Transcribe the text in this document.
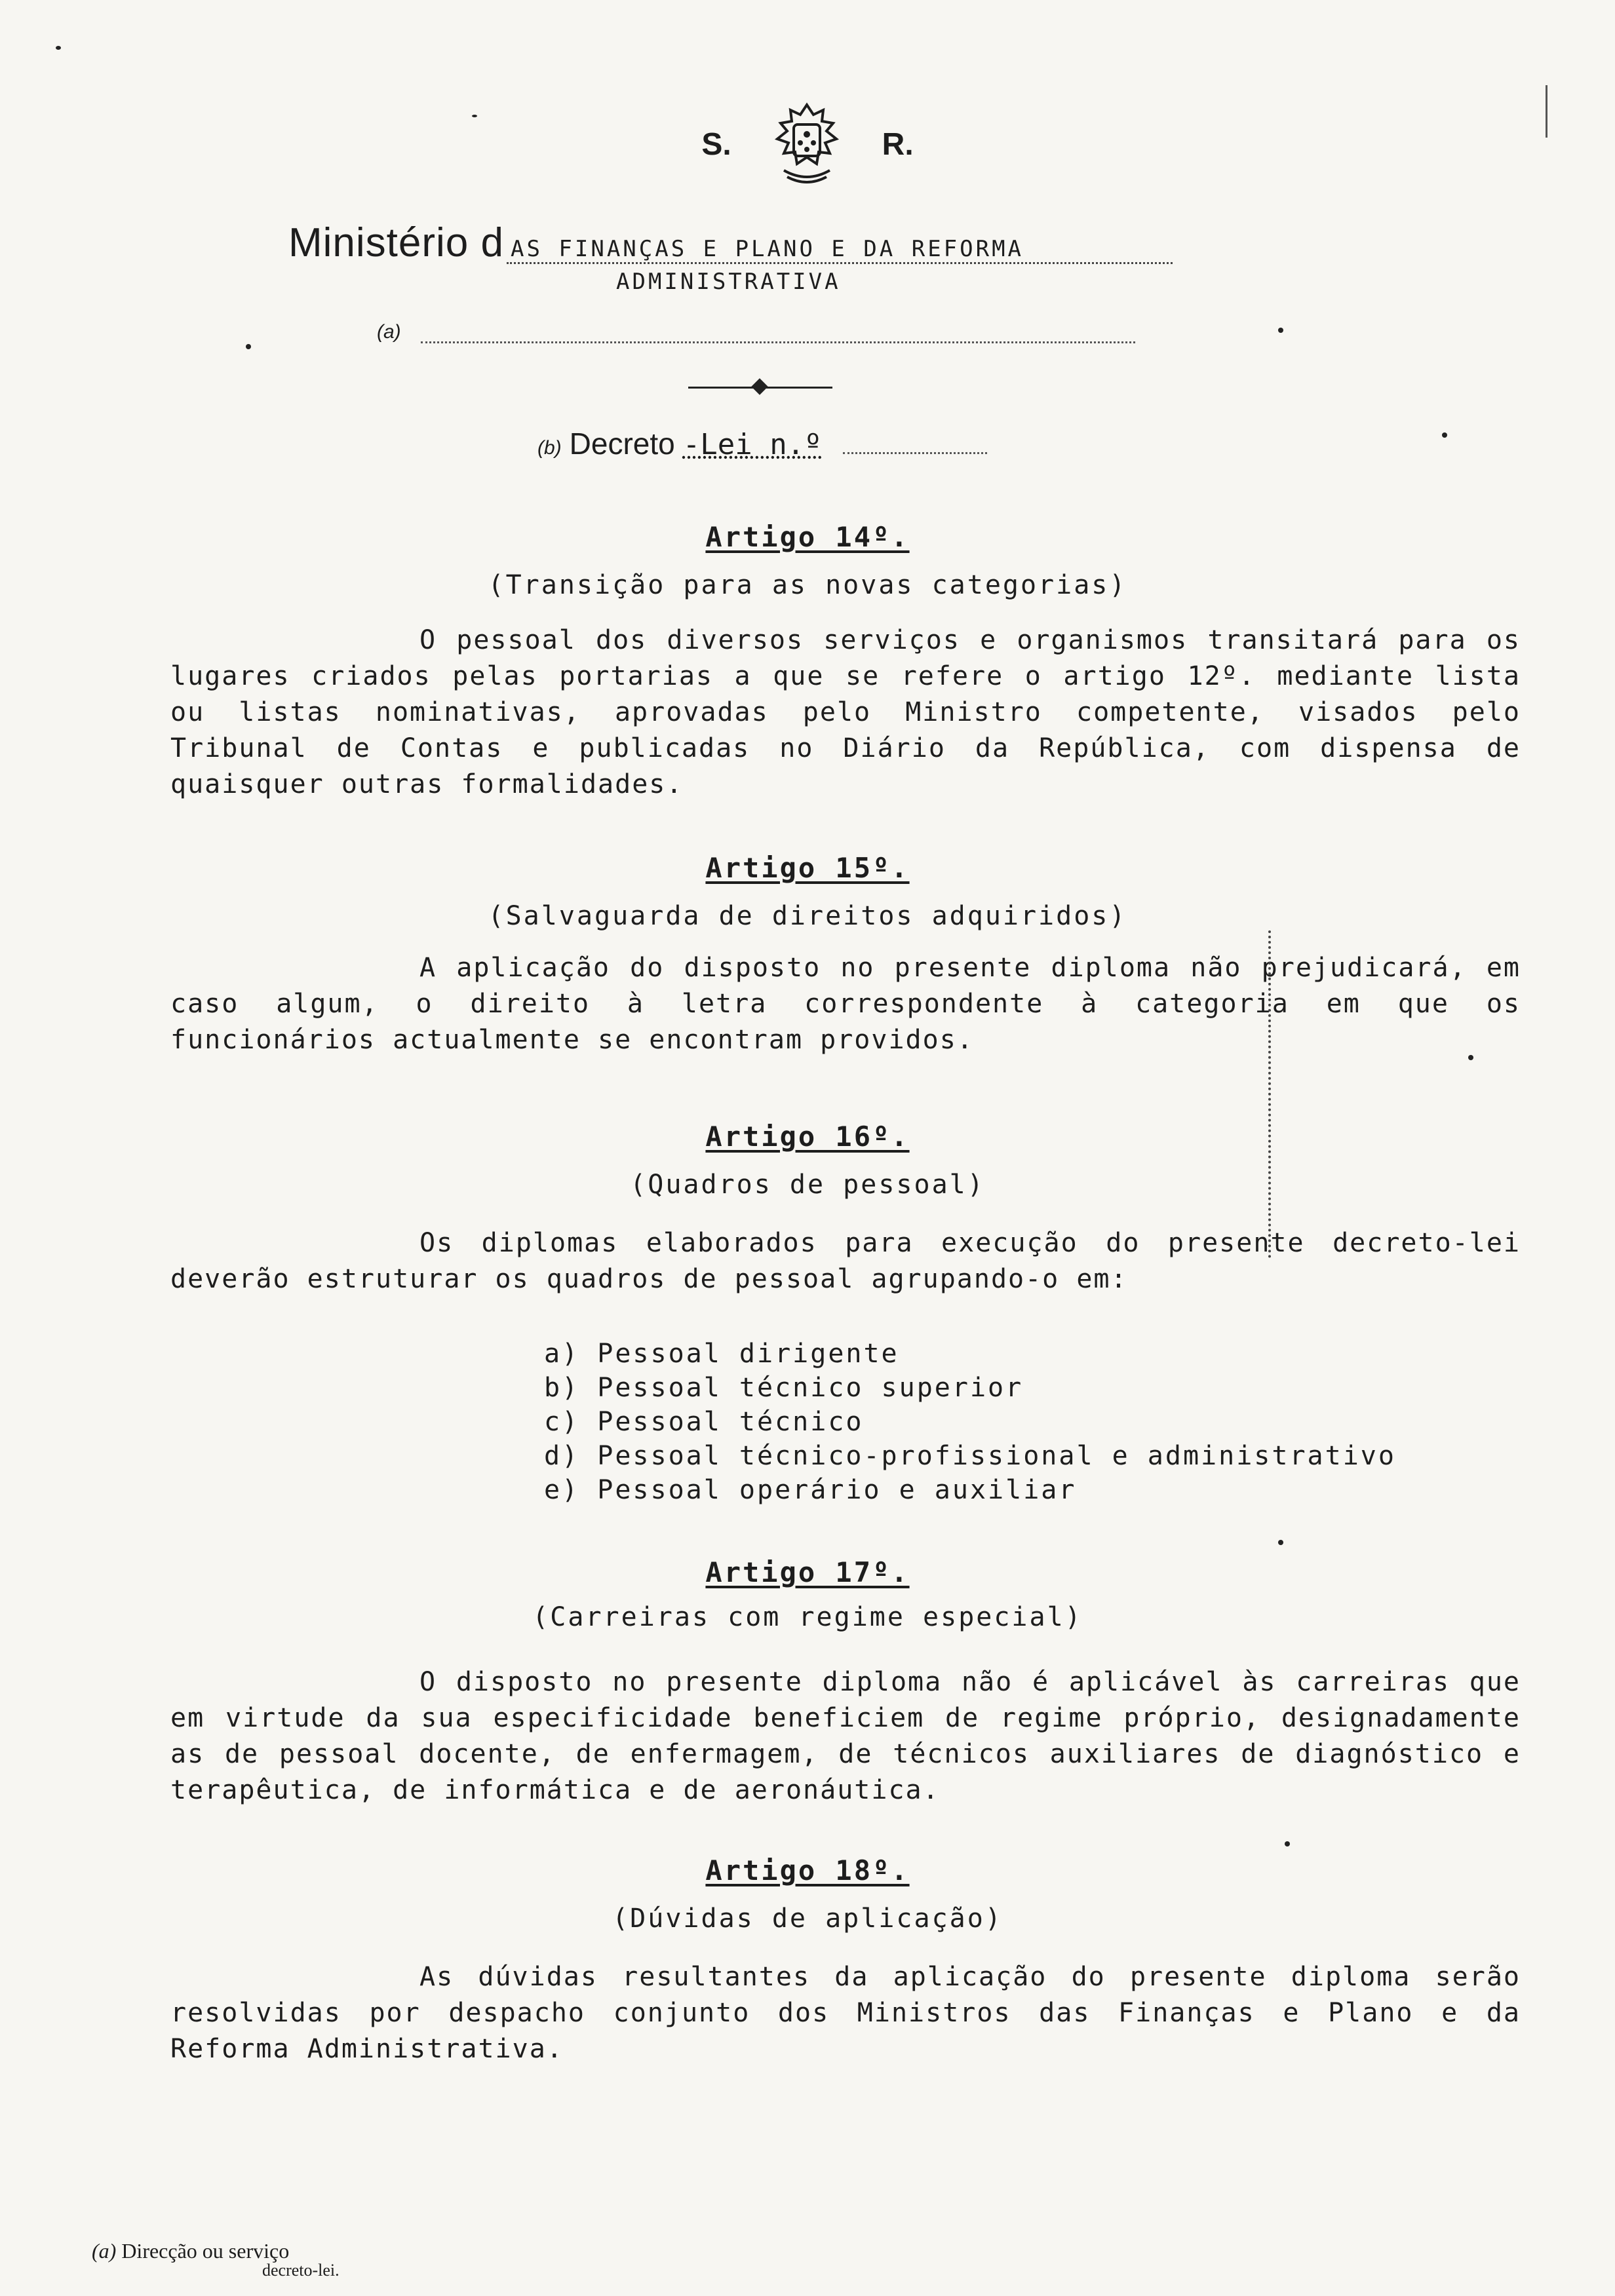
S.	R.
Ministério d AS FINANÇAS E PLANO E DA REFORMA
ADMINISTRATIVA
(a)
(b) Decreto -Lei n.º
Artigo 14º.
(Transição para as novas categorias)
O pessoal dos diversos serviços e organismos transitará para os lugares criados pelas portarias a que se refere o artigo 12º. mediante lista ou listas nominativas, aprovadas pelo Ministro competente, visados pelo Tribunal de Contas e publicadas no Diário da República, com dispensa de quaisquer outras formalidades.
Artigo 15º.
(Salvaguarda de direitos adquiridos)
A aplicação do disposto no presente diploma não prejudicará, em caso algum, o direito à letra correspondente à categoria em que os funcionários actualmente se encontram providos.
Artigo 16º.
(Quadros de pessoal)
Os diplomas elaborados para execução do presente decreto-lei deverão estruturar os quadros de pessoal agrupando-o em:
a) Pessoal dirigente
b) Pessoal técnico superior
c) Pessoal técnico
d) Pessoal técnico-profissional e administrativo
e) Pessoal operário e auxiliar
Artigo 17º.
(Carreiras com regime especial)
O disposto no presente diploma não é aplicável às carreiras que em virtude da sua especificidade beneficiem de regime próprio, designadamente as de pessoal docente, de enfermagem, de técnicos auxiliares de diagnóstico e terapêutica, de informática e de aeronáutica.
Artigo 18º.
(Dúvidas de aplicação)
As dúvidas resultantes da aplicação do presente diploma serão resolvidas por despacho conjunto dos Ministros das Finanças e Plano e da Reforma Administrativa.
(a) Direcção ou serviço
decreto-lei.
